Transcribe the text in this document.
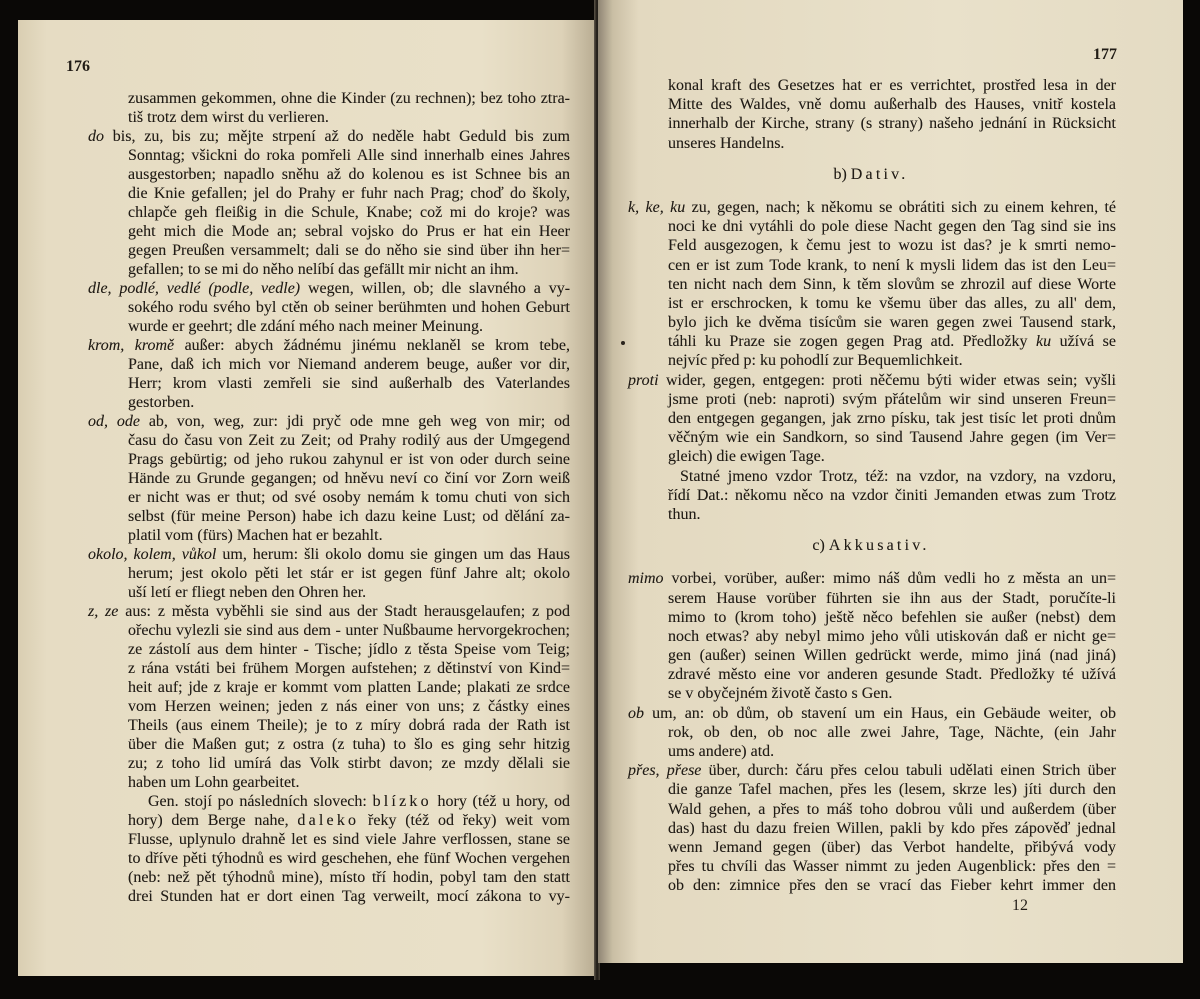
176
zusammen gekommen, ohne die Kinder (zu rechnen); bez toho ztra-
tiš trotz dem wirst du verlieren.
do bis, zu, bis zu; mějte strpení až do neděle habt Geduld bis zum
Sonntag; všickni do roka pomřeli Alle sind innerhalb eines Jahres
ausgestorben; napadlo sněhu až do kolenou es ist Schnee bis an
die Knie gefallen; jel do Prahy er fuhr nach Prag; choď do školy,
chlapče geh fleißig in die Schule, Knabe; což mi do kroje? was
geht mich die Mode an; sebral vojsko do Prus er hat ein Heer
gegen Preußen versammelt; dali se do něho sie sind über ihn her=
gefallen; to se mi do něho nelíbí das gefällt mir nicht an ihm.
dle, podlé, vedlé (podle, vedle) wegen, willen, ob; dle slavného a vy-
sokého rodu svého byl ctěn ob seiner berühmten und hohen Geburt
wurde er geehrt; dle zdání mého nach meiner Meinung.
krom, kromě außer: abych žádnému jinému neklaněl se krom tebe,
Pane, daß ich mich vor Niemand anderem beuge, außer vor dir,
Herr; krom vlasti zemřeli sie sind außerhalb des Vaterlandes
gestorben.
od, ode ab, von, weg, zur: jdi pryč ode mne geh weg von mir; od
času do času von Zeit zu Zeit; od Prahy rodilý aus der Umgegend
Prags gebürtig; od jeho rukou zahynul er ist von oder durch seine
Hände zu Grunde gegangen; od hněvu neví co činí vor Zorn weiß
er nicht was er thut; od své osoby nemám k tomu chuti von sich
selbst (für meine Person) habe ich dazu keine Lust; od dělání za-
platil vom (fürs) Machen hat er bezahlt.
okolo, kolem, vůkol um, herum: šli okolo domu sie gingen um das Haus
herum; jest okolo pěti let stár er ist gegen fünf Jahre alt; okolo
uší letí er fliegt neben den Ohren her.
z, ze aus: z města vyběhli sie sind aus der Stadt herausgelaufen; z pod
ořechu vylezli sie sind aus dem - unter Nußbaume hervorgekrochen;
ze zástolí aus dem hinter - Tische; jídlo z těsta Speise vom Teig;
z rána vstáti bei frühem Morgen aufstehen; z dětinství von Kind=
heit auf; jde z kraje er kommt vom platten Lande; plakati ze srdce
vom Herzen weinen; jeden z nás einer von uns; z částky eines
Theils (aus einem Theile); je to z míry dobrá rada der Rath ist
über die Maßen gut; z ostra (z tuha) to šlo es ging sehr hitzig
zu; z toho lid umírá das Volk stirbt davon; ze mzdy dělali sie
haben um Lohn gearbeitet.
Gen. stojí po následních slovech: blízko hory (též u hory, od
hory) dem Berge nahe, daleko řeky (též od řeky) weit vom
Flusse, uplynulo drahně let es sind viele Jahre verflossen, stane se
to dříve pěti týhodnů es wird geschehen, ehe fünf Wochen vergehen
(neb: než pět týhodnů mine), místo tří hodin, pobyl tam den statt
drei Stunden hat er dort einen Tag verweilt, mocí zákona to vy-
177
konal kraft des Gesetzes hat er es verrichtet, prostřed lesa in der
Mitte des Waldes, vně domu außerhalb des Hauses, vnitř kostela
innerhalb der Kirche, strany (s strany) našeho jednání in Rücksicht
unseres Handelns.
b) Dativ.
k, ke, ku zu, gegen, nach; k někomu se obrátiti sich zu einem kehren, té
noci ke dni vytáhli do pole diese Nacht gegen den Tag sind sie ins
Feld ausgezogen, k čemu jest to wozu ist das? je k smrti nemo-
cen er ist zum Tode krank, to není k mysli lidem das ist den Leu=
ten nicht nach dem Sinn, k těm slovům se zhrozil auf diese Worte
ist er erschrocken, k tomu ke všemu über das alles, zu all' dem,
bylo jich ke dvěma tisícům sie waren gegen zwei Tausend stark,
táhli ku Praze sie zogen gegen Prag atd. Předložky ku užívá se
nejvíc před p: ku pohodlí zur Bequemlichkeit.
proti wider, gegen, entgegen: proti něčemu býti wider etwas sein; vyšli
jsme proti (neb: naproti) svým přátelům wir sind unseren Freun=
den entgegen gegangen, jak zrno písku, tak jest tisíc let proti dnům
věčným wie ein Sandkorn, so sind Tausend Jahre gegen (im Ver=
gleich) die ewigen Tage.
Statné jmeno vzdor Trotz, též: na vzdor, na vzdory, na vzdoru,
řídí Dat.: někomu něco na vzdor činiti Jemanden etwas zum Trotz
thun.
c) Akkusativ.
mimo vorbei, vorüber, außer: mimo náš dům vedli ho z města an un=
serem Hause vorüber führten sie ihn aus der Stadt, poručíte-li
mimo to (krom toho) ještě něco befehlen sie außer (nebst) dem
noch etwas? aby nebyl mimo jeho vůli utiskován daß er nicht ge=
gen (außer) seinen Willen gedrückt werde, mimo jiná (nad jiná)
zdravé město eine vor anderen gesunde Stadt. Předložky té užívá
se v obyčejném životě často s Gen.
ob um, an: ob dům, ob stavení um ein Haus, ein Gebäude weiter, ob
rok, ob den, ob noc alle zwei Jahre, Tage, Nächte, (ein Jahr
ums andere) atd.
přes, přese über, durch: čáru přes celou tabuli udělati einen Strich über
die ganze Tafel machen, přes les (lesem, skrze les) jíti durch den
Wald gehen, a přes to máš toho dobrou vůli und außerdem (über
das) hast du dazu freien Willen, pakli by kdo přes zápověď jednal
wenn Jemand gegen (über) das Verbot handelte, přibývá vody
přes tu chvíli das Wasser nimmt zu jeden Augenblick: přes den =
ob den: zimnice přes den se vrací das Fieber kehrt immer den
12
